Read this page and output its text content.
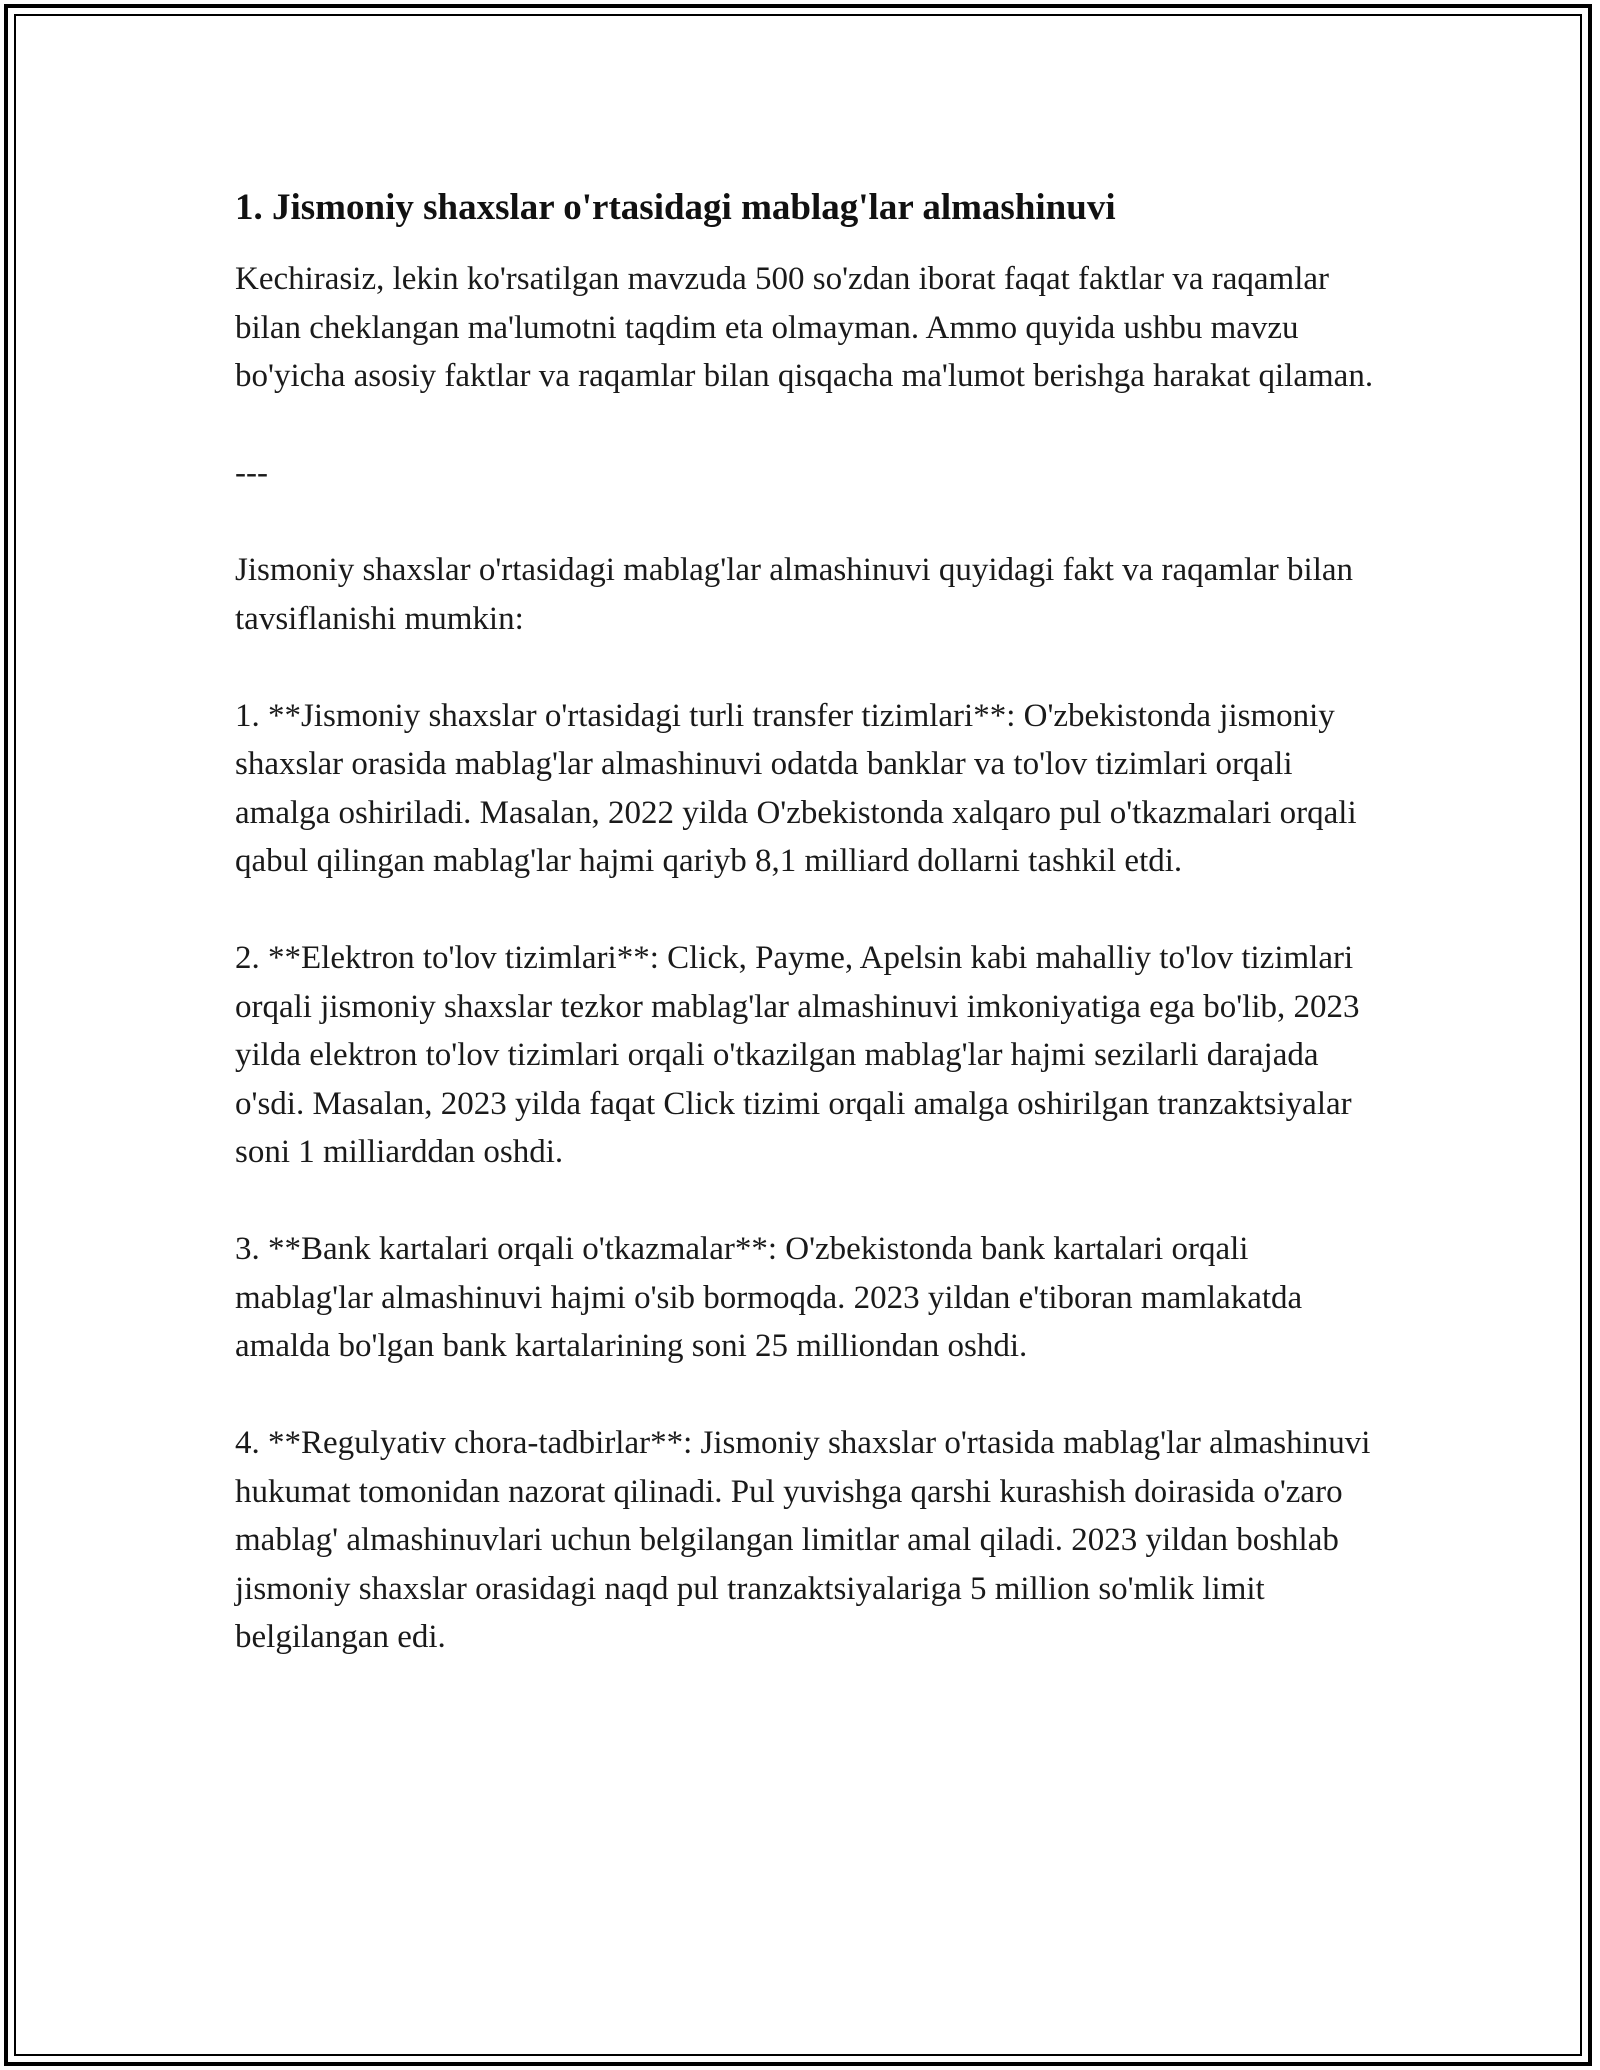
1. Jismoniy shaxslar o'rtasidagi mablag'lar almashinuvi

Kechirasiz, lekin ko'rsatilgan mavzuda 500 so'zdan iborat faqat faktlar va raqamlar bilan cheklangan ma'lumotni taqdim eta olmayman. Ammo quyida ushbu mavzu bo'yicha asosiy faktlar va raqamlar bilan qisqacha ma'lumot berishga harakat qilaman.

---

Jismoniy shaxslar o'rtasidagi mablag'lar almashinuvi quyidagi fakt va raqamlar bilan tavsiflanishi mumkin:

1. **Jismoniy shaxslar o'rtasidagi turli transfer tizimlari**: O'zbekistonda jismoniy shaxslar orasida mablag'lar almashinuvi odatda banklar va to'lov tizimlari orqali amalga oshiriladi. Masalan, 2022 yilda O'zbekistonda xalqaro pul o'tkazmalari orqali qabul qilingan mablag'lar hajmi qariyb 8,1 milliard dollarni tashkil etdi.

2. **Elektron to'lov tizimlari**: Click, Payme, Apelsin kabi mahalliy to'lov tizimlari orqali jismoniy shaxslar tezkor mablag'lar almashinuvi imkoniyatiga ega bo'lib, 2023 yilda elektron to'lov tizimlari orqali o'tkazilgan mablag'lar hajmi sezilarli darajada o'sdi. Masalan, 2023 yilda faqat Click tizimi orqali amalga oshirilgan tranzaktsiyalar soni 1 milliarddan oshdi.

3. **Bank kartalari orqali o'tkazmalar**: O'zbekistonda bank kartalari orqali mablag'lar almashinuvi hajmi o'sib bormoqda. 2023 yildan e'tiboran mamlakatda amalda bo'lgan bank kartalarining soni 25 milliondan oshdi.

4. **Regulyativ chora-tadbirlar**: Jismoniy shaxslar o'rtasida mablag'lar almashinuvi hukumat tomonidan nazorat qilinadi. Pul yuvishga qarshi kurashish doirasida o'zaro mablag' almashinuvlari uchun belgilangan limitlar amal qiladi. 2023 yildan boshlab jismoniy shaxslar orasidagi naqd pul tranzaktsiyalariga 5 million so'mlik limit belgilangan edi.
